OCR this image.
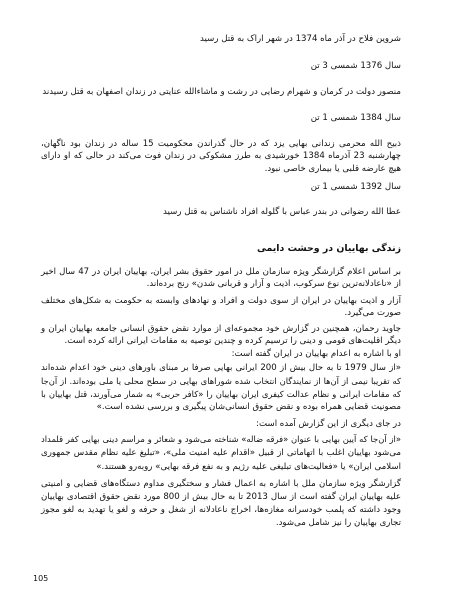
شروین فلاح در آذر ماه 1374 در شهر اراک به قتل رسید
سال 1376 شمسی 3 تن
منصور دولت در کرمان و شهرام رضایی در رشت و ماشاءالله عنایتی در زندان اصفهان به قتل رسیدند
سال 1384 شمسی 1 تن
ذبیح الله محرمی زندانی بهایی یزد که در حال گذراندن محکومیت 15 ساله در زندان بود ناگهان،
چهارشنبه 23 آذرماه 1384 خورشیدی به طرز مشکوکی در زندان فوت می‌کند در حالی که او دارای
هیچ عارضه قلبی یا بیماری خاصی نبود.
سال 1392 شمسی 1 تن
عطا الله رضوانی در بندر عباس با گلوله افراد ناشناس به قتل رسید
زندگی بهاییان در وحشت دایمی
بر اساس اعلام گزارشگر ویژه سازمان ملل در امور حقوق بشر ایران، بهاییان ایران در 47 سال اخیر
از «ناعادلانه‌ترین نوع سرکوب، اذیت و آزار و قربانی شدن» رنج برده‌اند.
آزار و اذیت بهاییان در ایران از سوی دولت و افراد و نهادهای وابسته به حکومت به شکل‌های مختلف
صورت می‌گیرد.
جاوید رحمان، همچنین در گزارش خود مجموعه‌ای از موارد نقض حقوق انسانی جامعه بهاییان ایران و
دیگر اقلیت‌های قومی و دینی را ترسیم کرده و چندین توصیه به مقامات ایرانی ارائه کرده است.
او با اشاره به اعدام بهاییان در ایران گفته است:
«از سال 1979 تا به حال بیش از 200 ایرانی بهایی صرفا بر مبنای باورهای دینی خود اعدام شده‌اند
که تقریبا نیمی از آن‌ها از نمایندگان انتخاب شده شوراهای بهایی در سطح محلی یا ملی بوده‌اند. از آن‌جا
که مقامات ایرانی و نظام عدالت کیفری ایران بهاییان را «کافر حربی» به شمار می‌آورند، قتل بهاییان با
مصونیت قضایی همراه بوده و نقض حقوق انسانی‌شان پیگیری و بررسی نشده است.»
در جای دیگری از این گزارش آمده است:
«از آن‌جا که آیین بهایی با عنوان «فرقه ضاله» شناخته می‌شود و شعائر و مراسم دینی بهایی کفر قلمداد
می‌شود بهاییان اغلب با اتهاماتی از قبیل «اقدام علیه امنیت ملی»، «تبلیغ علیه نظام مقدس جمهوری
اسلامی ایران» یا «فعالیت‌های تبلیغی علیه رژیم و به نفع فرقه بهایی» روبه‌رو هستند.»
گزارشگر ویژه سازمان ملل با اشاره به اعمال فشار و سختگیری مداوم دستگاه‌های قضایی و امنیتی
علیه بهاییان ایران گفته است از سال 2013 تا به حال بیش از 800 مورد نقض حقوق اقتصادی بهاییان
وجود داشته که پلمب خودسرانه مغازه‌ها، اخراج ناعادلانه از شغل و حرفه و لغو یا تهدید به لغو مجوز
تجاری بهاییان را نیز شامل می‌شود.
105
